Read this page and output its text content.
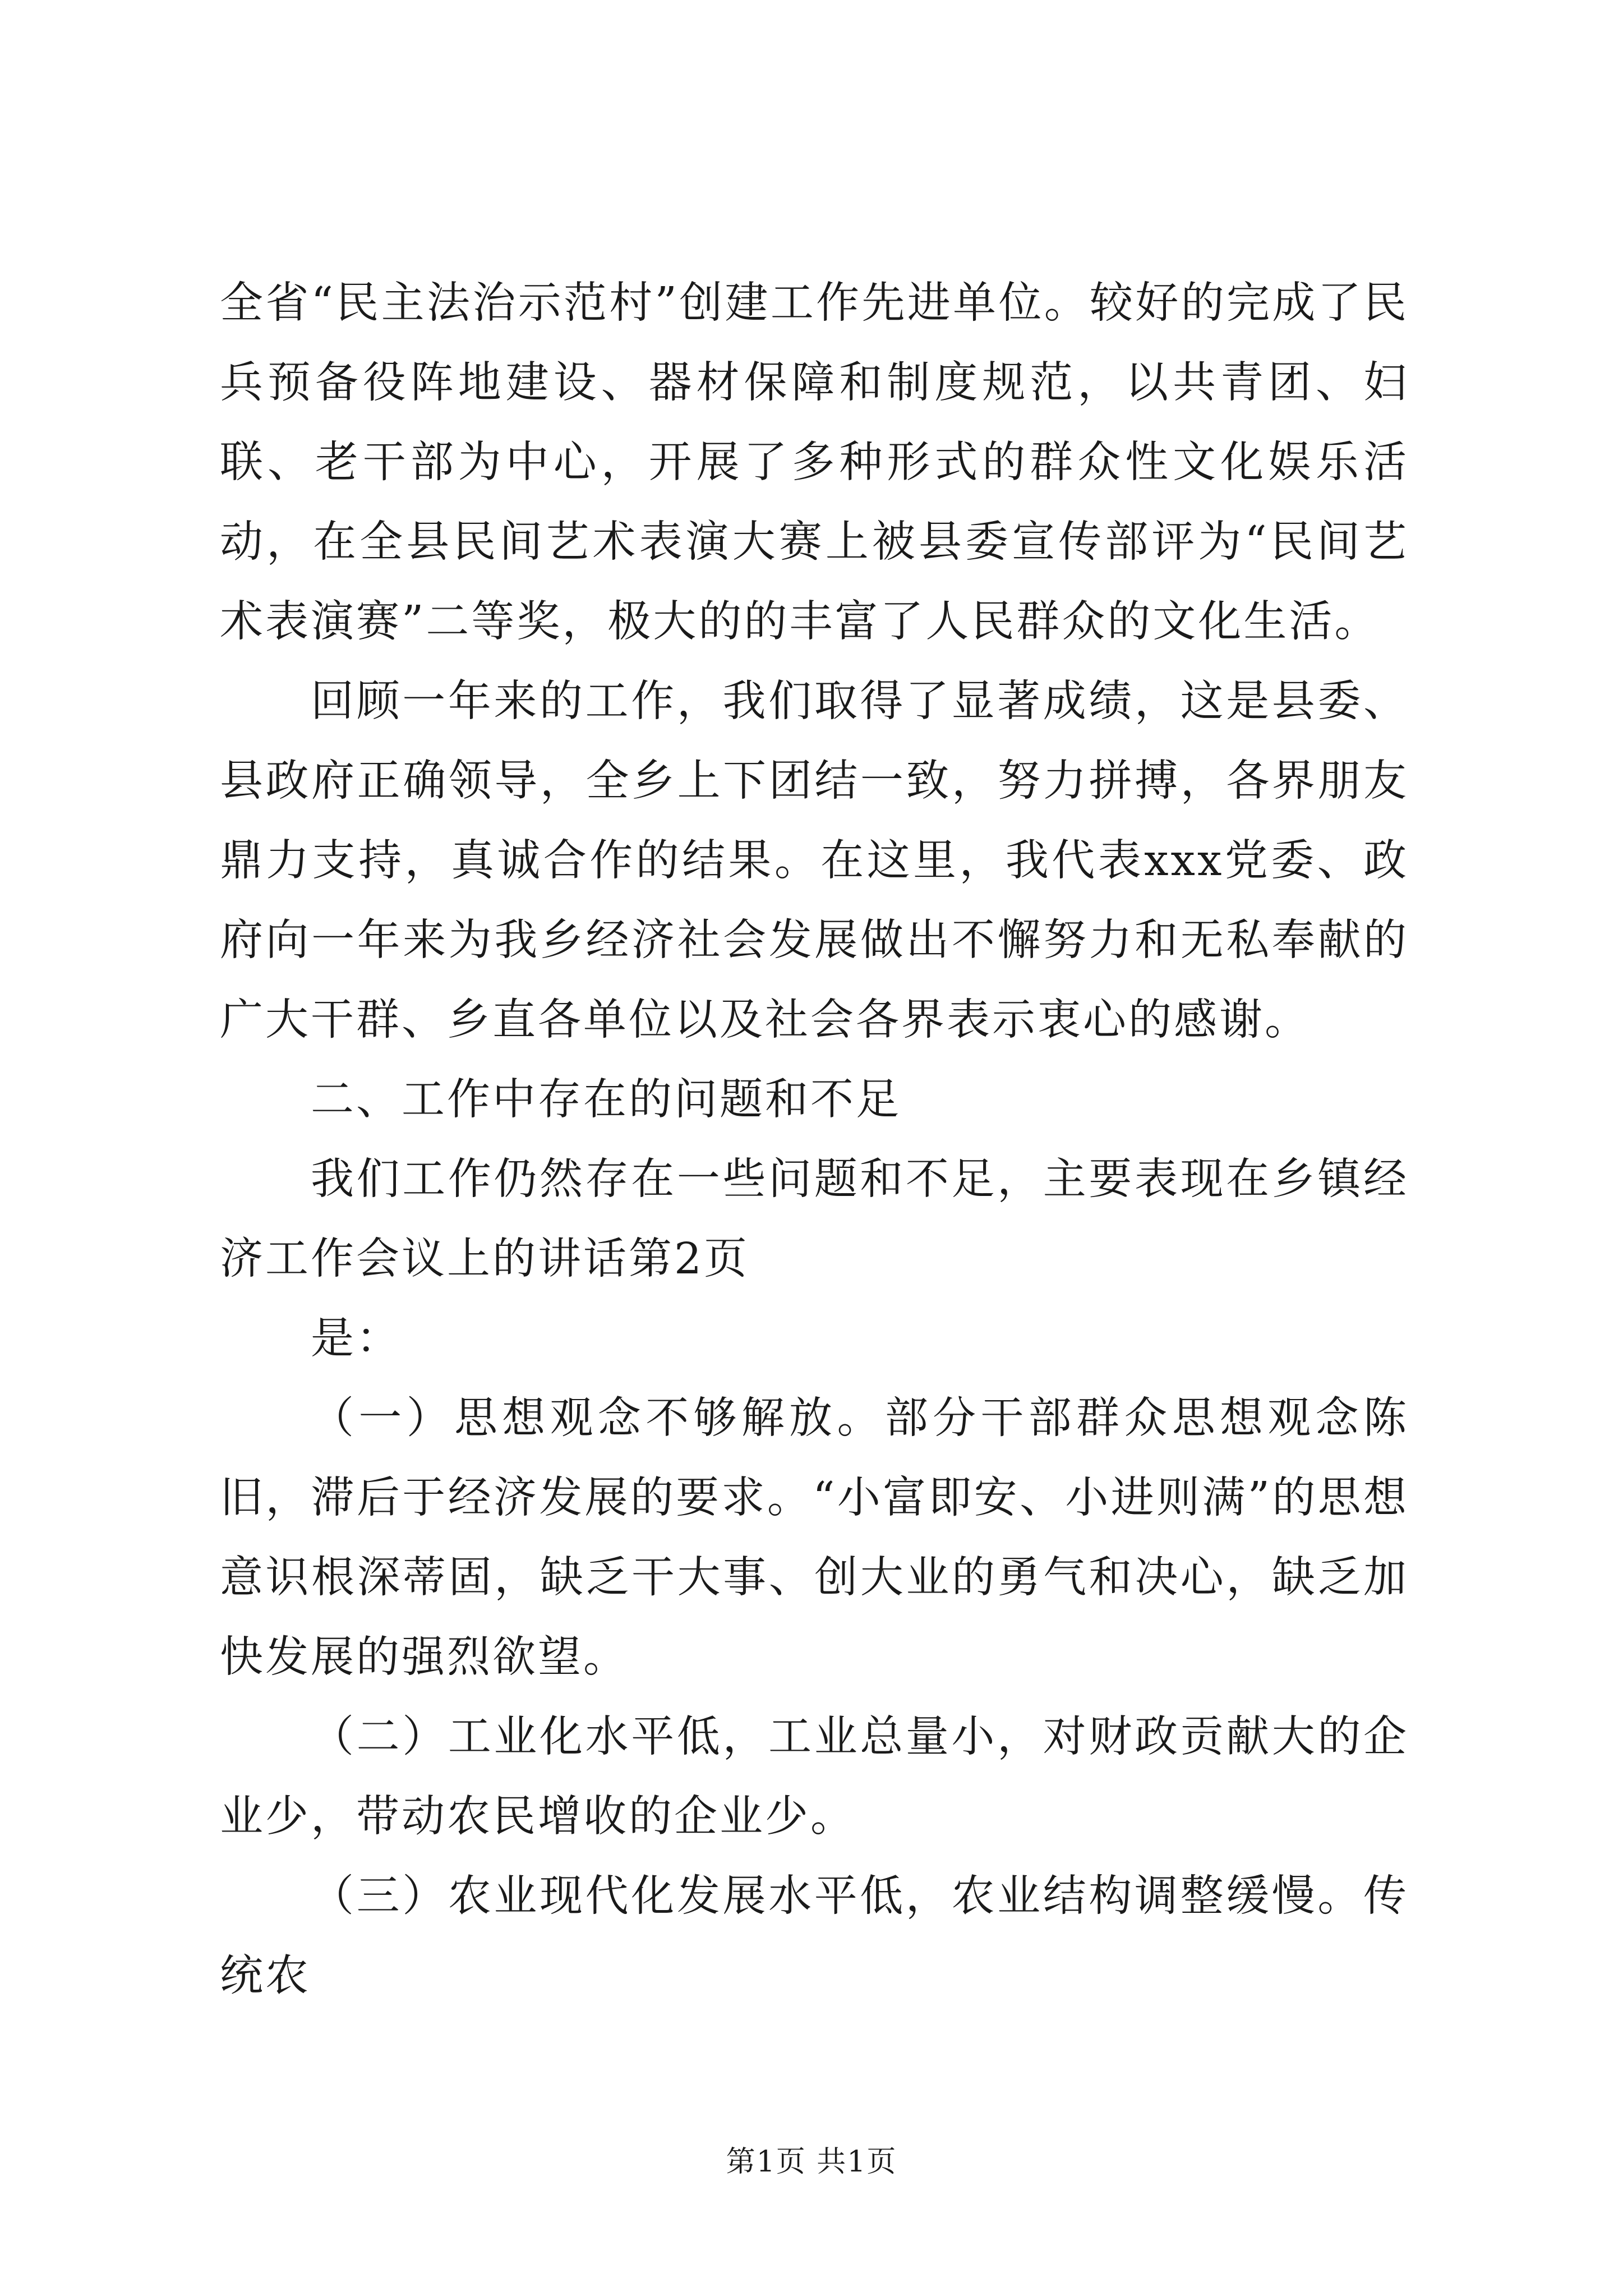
全省“民主法治示范村”创建工作先进单位。较好的完成了民兵预备役阵地建设、器材保障和制度规范，以共青团、妇联、老干部为中心，开展了多种形式的群众性文化娱乐活动，在全县民间艺术表演大赛上被县委宣传部评为“民间艺术表演赛”二等奖，极大的的丰富了人民群众的文化生活。

回顾一年来的工作，我们取得了显著成绩，这是县委、县政府正确领导，全乡上下团结一致，努力拼搏，各界朋友鼎力支持，真诚合作的结果。在这里，我代表xxx党委、政府向一年来为我乡经济社会发展做出不懈努力和无私奉献的广大干群、乡直各单位以及社会各界表示衷心的感谢。

二、工作中存在的问题和不足

我们工作仍然存在一些问题和不足，主要表现在乡镇经济工作会议上的讲话第2页

是：

（一）思想观念不够解放。部分干部群众思想观念陈旧，滞后于经济发展的要求。“小富即安、小进则满”的思想意识根深蒂固，缺乏干大事、创大业的勇气和决心，缺乏加快发展的强烈欲望。

（二）工业化水平低，工业总量小，对财政贡献大的企业少，带动农民增收的企业少。

（三）农业现代化发展水平低，农业结构调整缓慢。传统农

第1页 共1页
